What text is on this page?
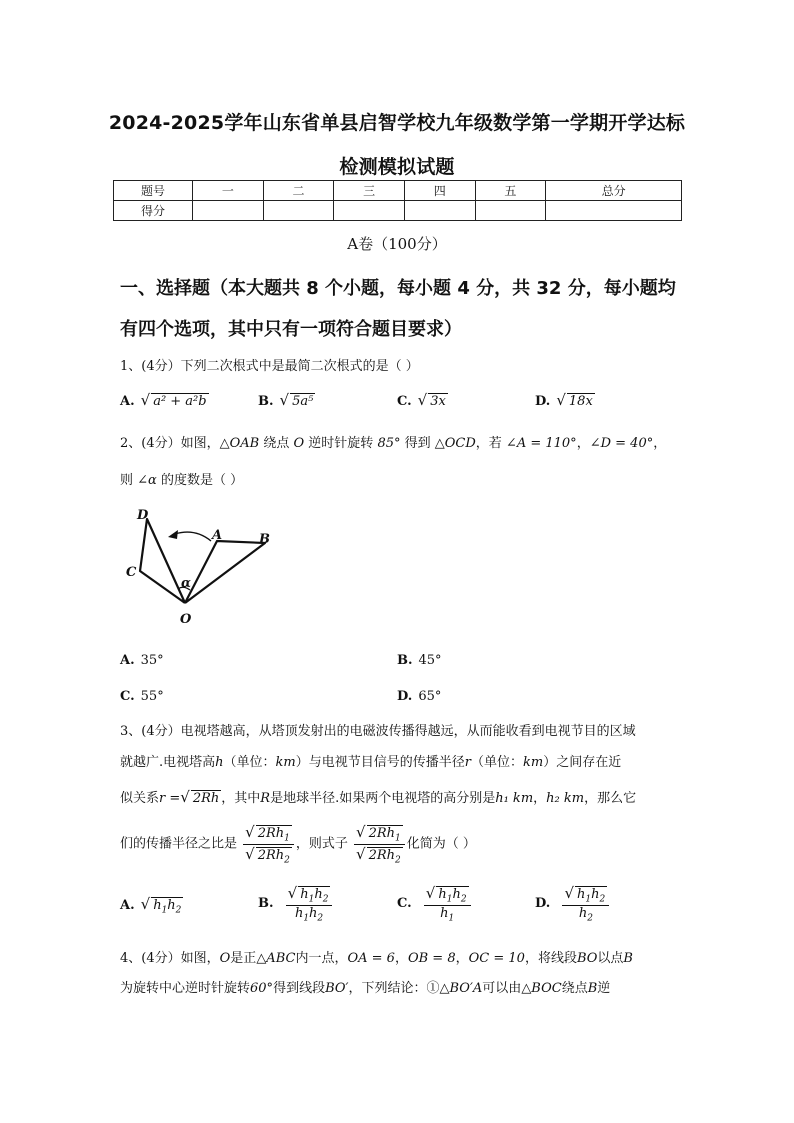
2024-2025学年山东省单县启智学校九年级数学第一学期开学达标
检测模拟试题
题号	一	二	三	四	五	总分
得分						
A卷（100分）
一、选择题（本大题共 8 个小题，每小题 4 分，共 32 分，每小题均
有四个选项，其中只有一项符合题目要求）
1、(4分）下列二次根式中是最简二次根式的是（ ）
A. √ a² + a²b	B. √ 5a⁵	C. √ 3x	D. √ 18x
2、(4分）如图，△OAB 绕点 O 逆时针旋转 85° 得到 △OCD，若 ∠A = 110°，∠D = 40°，
则 ∠α 的度数是（ ）
D
A	B
C
α
O
A. 35°	B. 45°
C. 55°	D. 65°
3、(4分）电视塔越高，从塔顶发射出的电磁波传播得越远，从而能收看到电视节目的区域
就越广.电视塔高h（单位：km）与电视节目信号的传播半径r（单位：km）之间存在近
似关系r =√ 2Rh ，其中R是地球半径.如果两个电视塔的高分别是h₁ km，h₂ km，那么它
们的传播半径之比是 $\frac{√ 2Rh_1}{√ 2Rh_2}$ ，则式子 $\frac{√ 2Rh_1}{√ 2Rh_2}$ 化简为（ ）
A. √ $h_1h_2$	B. $\frac{√ h_1h_2}{h_1h_2}$	C. $\frac{√ h_1h_2}{h_1}$	D. $\frac{√ h_1h_2}{h_2}$
4、(4分）如图，O是正△ABC内一点，OA = 6，OB = 8，OC = 10，将线段BO以点B
为旋转中心逆时针旋转60°得到线段BO′，下列结论：①△BO′A可以由△BOC绕点B逆
